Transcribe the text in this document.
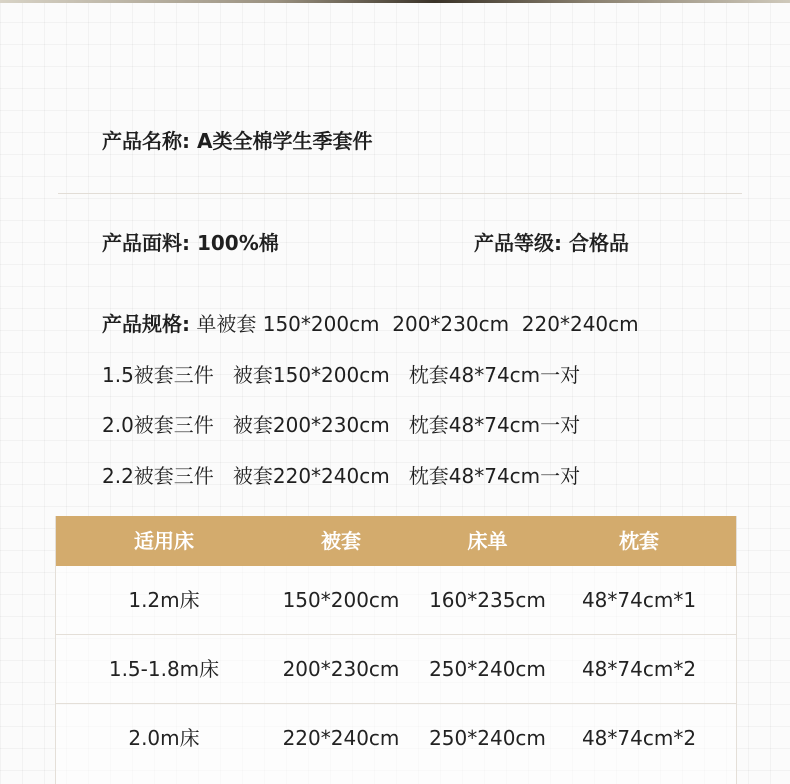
产品名称: A类全棉学生季套件
产品面料: 100%棉	产品等级: 合格品
产品规格: 单被套 150*200cm  200*230cm  220*240cm
1.5被套三件   被套150*200cm   枕套48*74cm一对
2.0被套三件   被套200*230cm   枕套48*74cm一对
2.2被套三件   被套220*240cm   枕套48*74cm一对
适用床	被套	床单	枕套
1.2m床	150*200cm	160*235cm	48*74cm*1
1.5-1.8m床	200*230cm	250*240cm	48*74cm*2
2.0m床	220*240cm	250*240cm	48*74cm*2
